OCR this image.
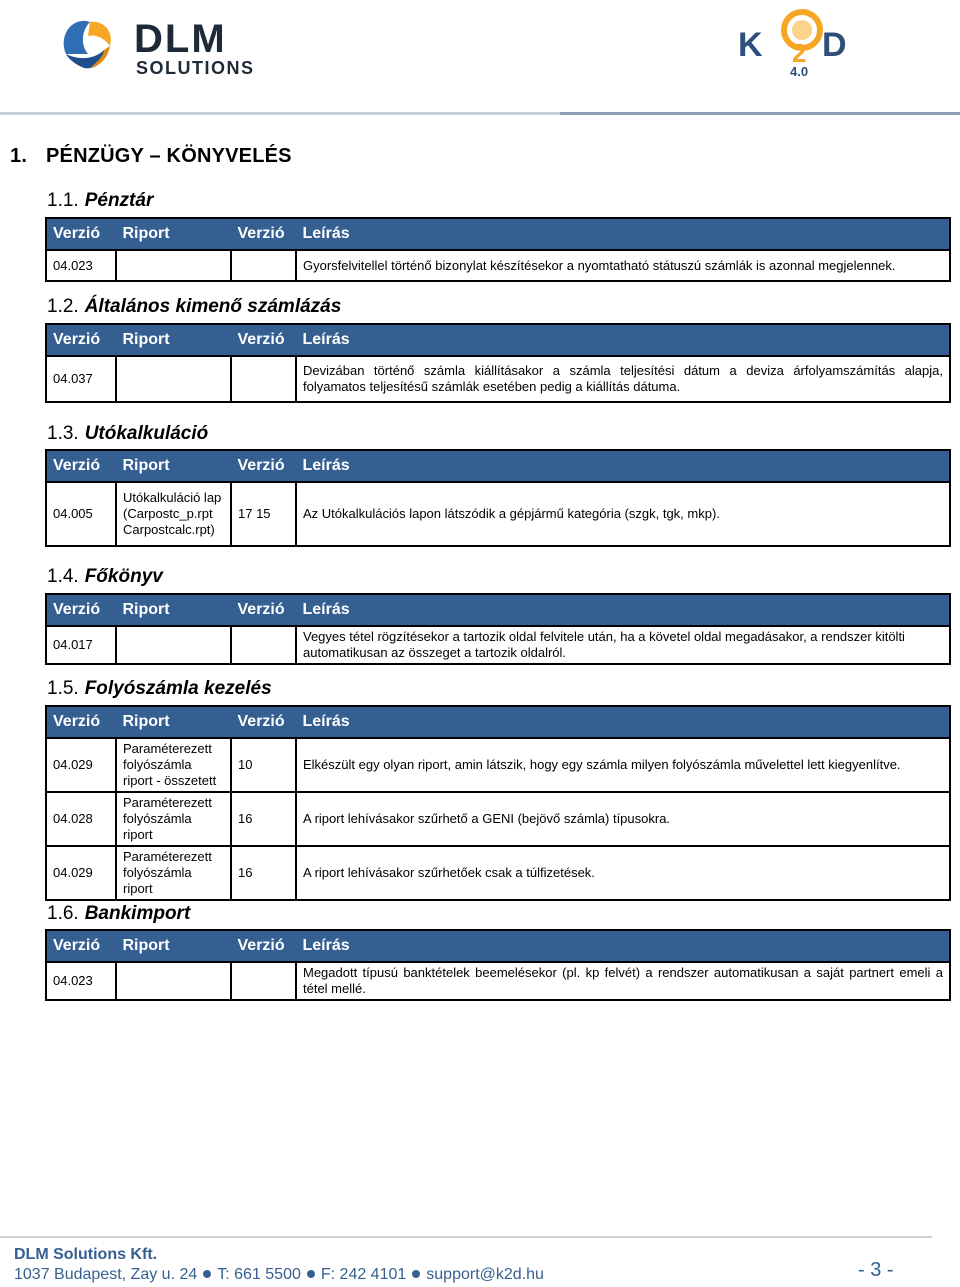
DLM
SOLUTIONS
K D
2
4.0
1. PÉNZÜGY – KÖNYVELÉS
1.1. Pénztár
Verzió	Riport	Verzió	Leírás
04.023			Gyorsfelvitellel történő bizonylat készítésekor a nyomtatható státuszú számlák is azonnal megjelennek.
1.2. Általános kimenő számlázás
Verzió	Riport	Verzió	Leírás
04.037			Devizában történő számla kiállításakor a számla teljesítési dátum a deviza árfolyamszámítás alapja, folyamatos teljesítésű számlák esetében pedig a kiállítás dátuma.
1.3. Utókalkuláció
Verzió	Riport	Verzió	Leírás
04.005	Utókalkuláció lap (Carpostc_p.rpt Carpostcalc.rpt)	17 15	Az Utókalkulációs lapon látszódik a gépjármű kategória (szgk, tgk, mkp).
1.4. Főkönyv
Verzió	Riport	Verzió	Leírás
04.017			Vegyes tétel rögzítésekor a tartozik oldal felvitele után, ha a követel oldal megadásakor, a rendszer kitölti automatikusan az összeget a tartozik oldalról.
1.5. Folyószámla kezelés
Verzió	Riport	Verzió	Leírás
04.029	Paraméterezett folyószámla riport - összetett	10	Elkészült egy olyan riport, amin látszik, hogy egy számla milyen folyószámla művelettel lett kiegyenlítve.
04.028	Paraméterezett folyószámla riport	16	A riport lehívásakor szűrhető a GENI (bejövő számla) típusokra.
04.029	Paraméterezett folyószámla riport	16	A riport lehívásakor szűrhetőek csak a túlfizetések.
1.6. Bankimport
Verzió	Riport	Verzió	Leírás
04.023			Megadott típusú banktételek beemelésekor (pl. kp felvét) a rendszer automatikusan a saját partnert emeli a tétel mellé.
DLM Solutions Kft.
1037 Budapest, Zay u. 24 T: 661 5500 F: 242 4101 support@k2d.hu	- 3 -
